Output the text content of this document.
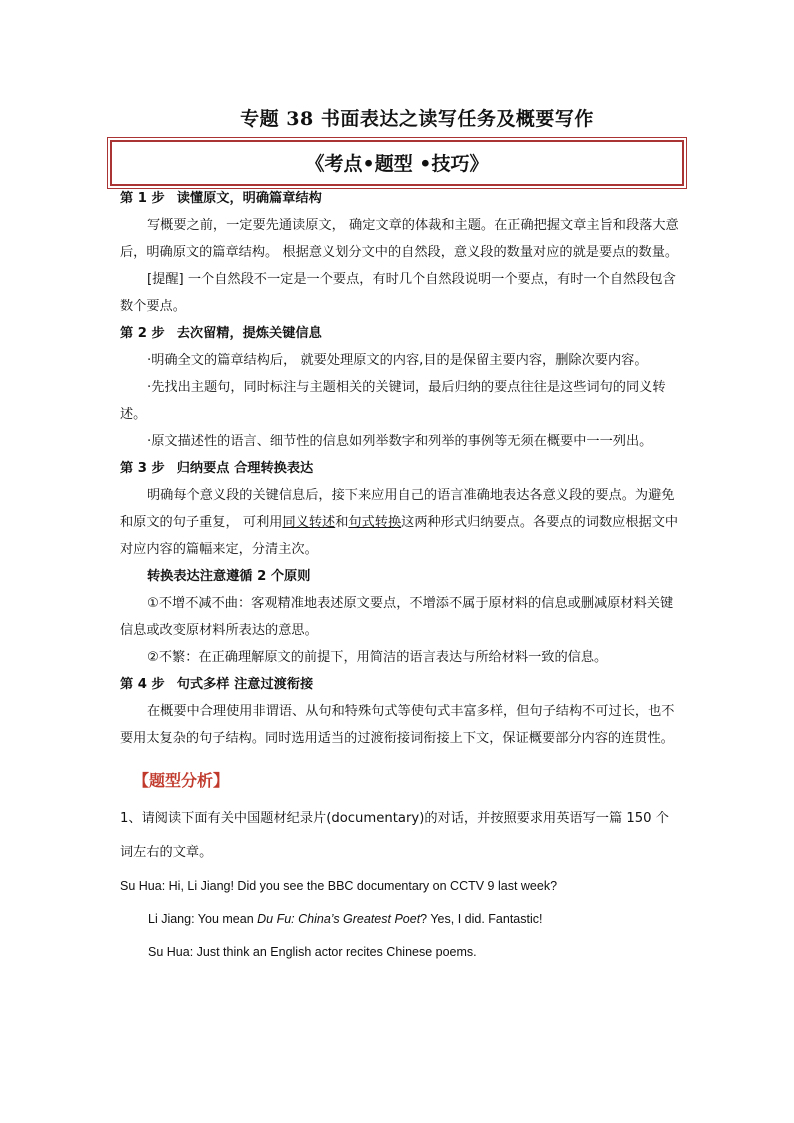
专题 38 书面表达之读写任务及概要写作
《考点•题型 •技巧》

第 1 步 读懂原文，明确篇章结构

写概要之前，一定要先通读原文， 确定文章的体裁和主题。在正确把握文章主旨和段落大意后，明确原文的篇章结构。 根据意义划分文中的自然段，意义段的数量对应的就是要点的数量。

[提醒] 一个自然段不一定是一个要点，有时几个自然段说明一个要点，有时一个自然段包含数个要点。

第 2 步 去次留精，提炼关键信息

·明确全文的篇章结构后， 就要处理原文的内容,目的是保留主要内容，删除次要内容。

·先找出主题句，同时标注与主题相关的关键词，最后归纳的要点往往是这些词句的同义转述。

·原文描述性的语言、细节性的信息如列举数字和列举的事例等无须在概要中一一列出。

第 3 步 归纳要点 合理转换表达

明确每个意义段的关键信息后，接下来应用自己的语言准确地表达各意义段的要点。为避免和原文的句子重复， 可利用同义转述和句式转换这两种形式归纳要点。各要点的词数应根据文中对应内容的篇幅来定，分清主次。

转换表达注意遵循 2 个原则

①不增不减不曲：客观精准地表述原文要点，不增添不属于原材料的信息或删减原材料关键信息或改变原材料所表达的意思。

②不繁：在正确理解原文的前提下，用简洁的语言表达与所给材料一致的信息。

第 4 步 句式多样 注意过渡衔接

在概要中合理使用非谓语、从句和特殊句式等使句式丰富多样，但句子结构不可过长，也不要用太复杂的句子结构。同时选用适当的过渡衔接词衔接上下文，保证概要部分内容的连贯性。

【题型分析】

1、请阅读下面有关中国题材纪录片(documentary)的对话，并按照要求用英语写一篇 150 个词左右的文章。

Su Hua: Hi, Li Jiang! Did you see the BBC documentary on CCTV 9 last week?

Li Jiang: You mean Du Fu: China’s Greatest Poet? Yes, I did. Fantastic!

Su Hua: Just think an English actor recites Chinese poems.
